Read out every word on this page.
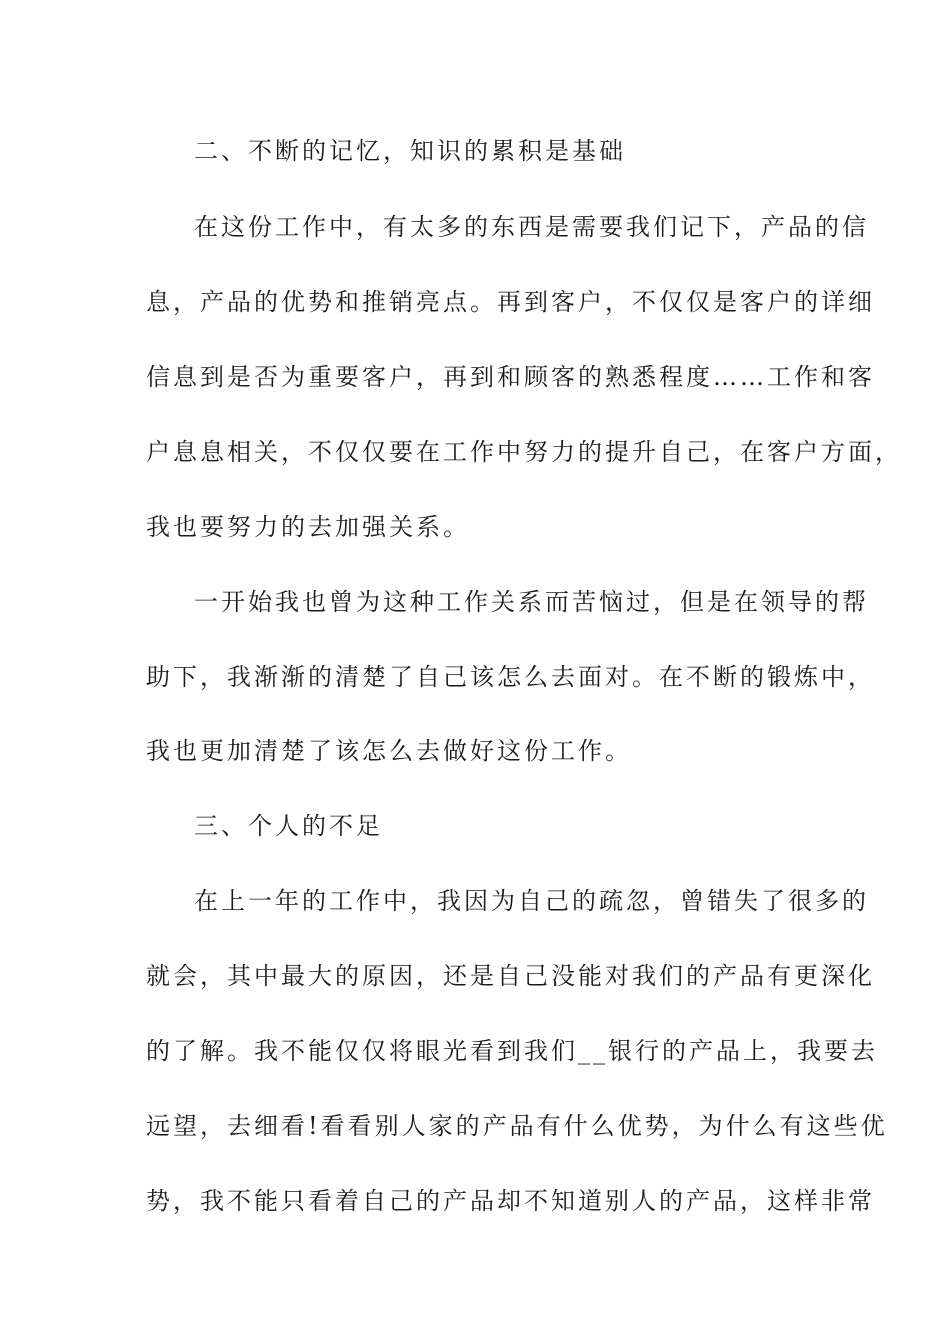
二、不断的记忆，知识的累积是基础
在这份工作中，有太多的东西是需要我们记下，产品的信
息，产品的优势和推销亮点。再到客户，不仅仅是客户的详细
信息到是否为重要客户，再到和顾客的熟悉程度……工作和客
户息息相关，不仅仅要在工作中努力的提升自己，在客户方面，
我也要努力的去加强关系。
一开始我也曾为这种工作关系而苦恼过，但是在领导的帮
助下，我渐渐的清楚了自己该怎么去面对。在不断的锻炼中，
我也更加清楚了该怎么去做好这份工作。
三、个人的不足
在上一年的工作中，我因为自己的疏忽，曾错失了很多的
就会，其中最大的原因，还是自己没能对我们的产品有更深化
的了解。我不能仅仅将眼光看到我们__银行的产品上，我要去
远望，去细看!看看别人家的产品有什么优势，为什么有这些优
势，我不能只看着自己的产品却不知道别人的产品，这样非常
